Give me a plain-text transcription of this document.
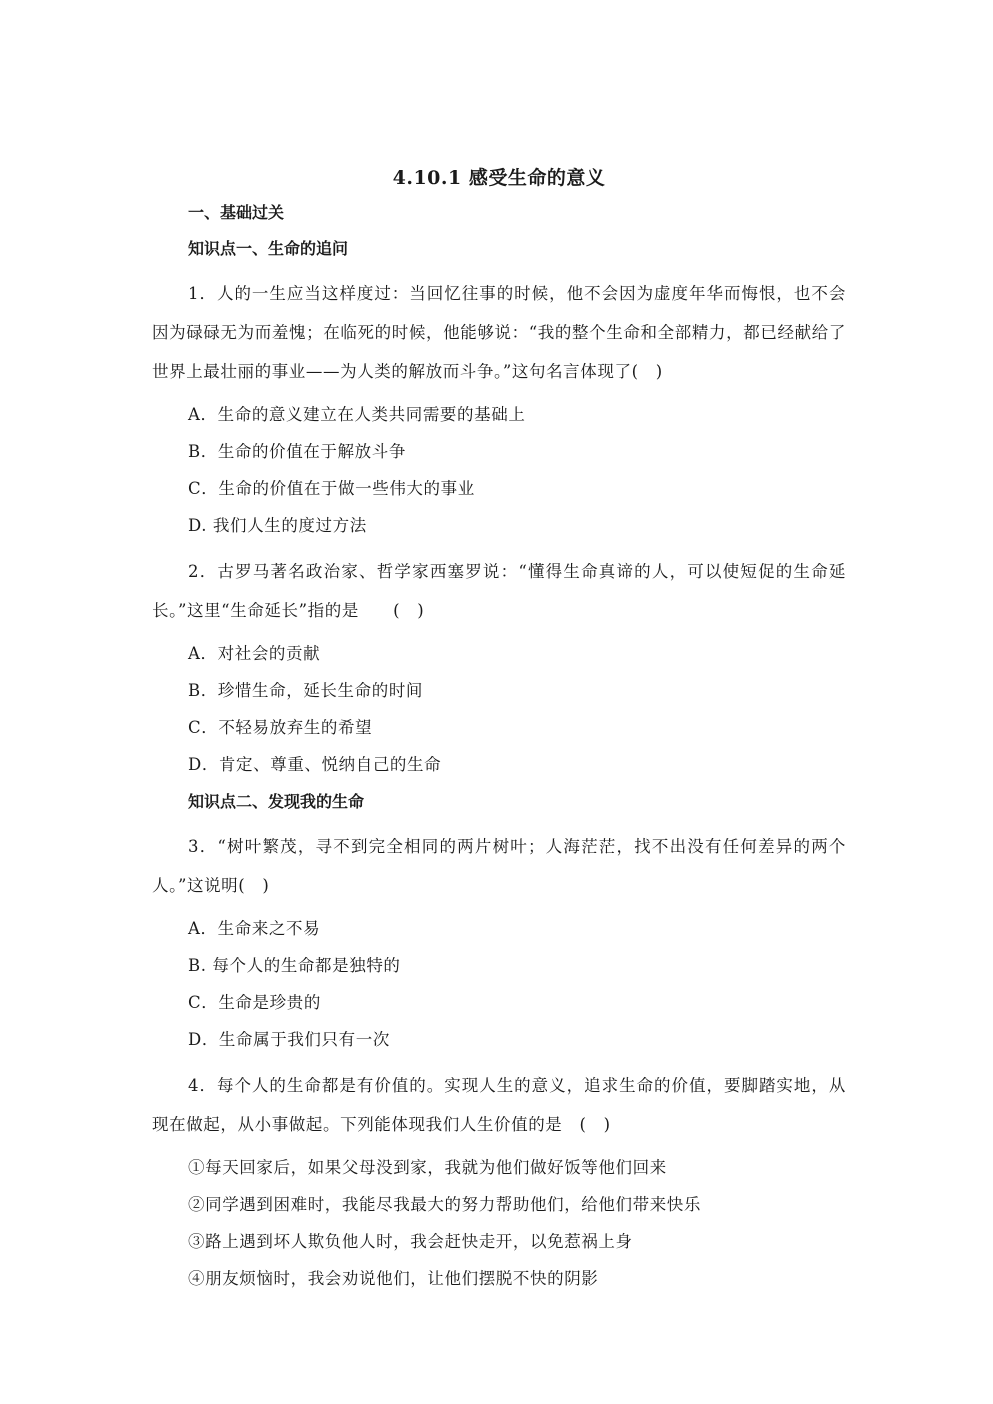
4.10.1 感受生命的意义
一、基础过关
知识点一、生命的追问
1．人的一生应当这样度过：当回忆往事的时候，他不会因为虚度年华而悔恨，也不会因为碌碌无为而羞愧；在临死的时候，他能够说：“我的整个生命和全部精力，都已经献给了世界上最壮丽的事业——为人类的解放而斗争。”这句名言体现了(　)
A．生命的意义建立在人类共同需要的基础上
B．生命的价值在于解放斗争
C．生命的价值在于做一些伟大的事业
D. 我们人生的度过方法
2．古罗马著名政治家、哲学家西塞罗说：“懂得生命真谛的人，可以使短促的生命延长。”这里“生命延长”指的是　　(　)
A．对社会的贡献
B．珍惜生命，延长生命的时间
C．不轻易放弃生的希望
D．肯定、尊重、悦纳自己的生命
知识点二、发现我的生命
3．“树叶繁茂，寻不到完全相同的两片树叶；人海茫茫，找不出没有任何差异的两个人。”这说明(　)
A．生命来之不易
B. 每个人的生命都是独特的
C．生命是珍贵的
D．生命属于我们只有一次
4．每个人的生命都是有价值的。实现人生的意义，追求生命的价值，要脚踏实地，从现在做起，从小事做起。下列能体现我们人生价值的是　(　)
①每天回家后，如果父母没到家，我就为他们做好饭等他们回来
②同学遇到困难时，我能尽我最大的努力帮助他们，给他们带来快乐
③路上遇到坏人欺负他人时，我会赶快走开，以免惹祸上身
④朋友烦恼时，我会劝说他们，让他们摆脱不快的阴影
